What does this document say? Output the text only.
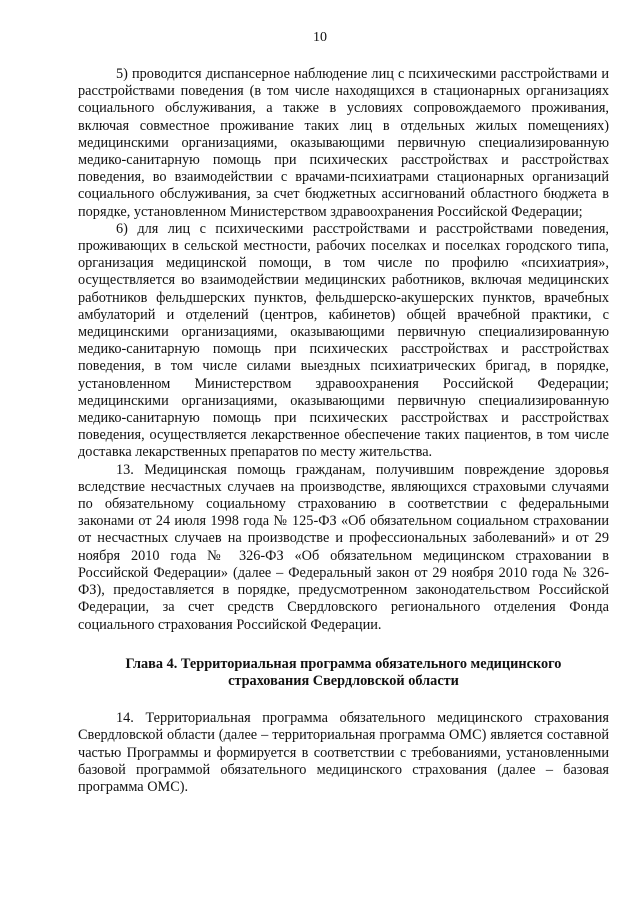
10

5) проводится диспансерное наблюдение лиц с психическими расстройствами и расстройствами поведения (в том числе находящихся в стационарных организациях социального обслуживания, а также в условиях сопровождаемого проживания, включая совместное проживание таких лиц в отдельных жилых помещениях) медицинскими организациями, оказывающими первичную специализированную медико-санитарную помощь при психических расстройствах и расстройствах поведения, во взаимодействии с врачами-психиатрами стационарных организаций социального обслуживания, за счет бюджетных ассигнований областного бюджета в порядке, установленном Министерством здравоохранения Российской Федерации;

6) для лиц с психическими расстройствами и расстройствами поведения, проживающих в сельской местности, рабочих поселках и поселках городского типа, организация медицинской помощи, в том числе по профилю «психиатрия», осуществляется во взаимодействии медицинских работников, включая медицинских работников фельдшерских пунктов, фельдшерско-акушерских пунктов, врачебных амбулаторий и отделений (центров, кабинетов) общей врачебной практики, с медицинскими организациями, оказывающими первичную специализированную медико-санитарную помощь при психических расстройствах и расстройствах поведения, в том числе силами выездных психиатрических бригад, в порядке, установленном Министерством здравоохранения Российской Федерации; медицинскими организациями, оказывающими первичную специализированную медико-санитарную помощь при психических расстройствах и расстройствах поведения, осуществляется лекарственное обеспечение таких пациентов, в том числе доставка лекарственных препаратов по месту жительства.

13. Медицинская помощь гражданам, получившим повреждение здоровья вследствие несчастных случаев на производстве, являющихся страховыми случаями по обязательному социальному страхованию в соответствии с федеральными законами от 24 июля 1998 года № 125-ФЗ «Об обязательном социальном страховании от несчастных случаев на производстве и профессиональных заболеваний» и от 29 ноября 2010 года № 326-ФЗ «Об обязательном медицинском страховании в Российской Федерации» (далее – Федеральный закон от 29 ноября 2010 года № 326-ФЗ), предоставляется в порядке, предусмотренном законодательством Российской Федерации, за счет средств Свердловского регионального отделения Фонда социального страхования Российской Федерации.

Глава 4. Территориальная программа обязательного медицинского
страхования Свердловской области

14. Территориальная программа обязательного медицинского страхования Свердловской области (далее – территориальная программа ОМС) является составной частью Программы и формируется в соответствии с требованиями, установленными базовой программой обязательного медицинского страхования (далее – базовая программа ОМС).
